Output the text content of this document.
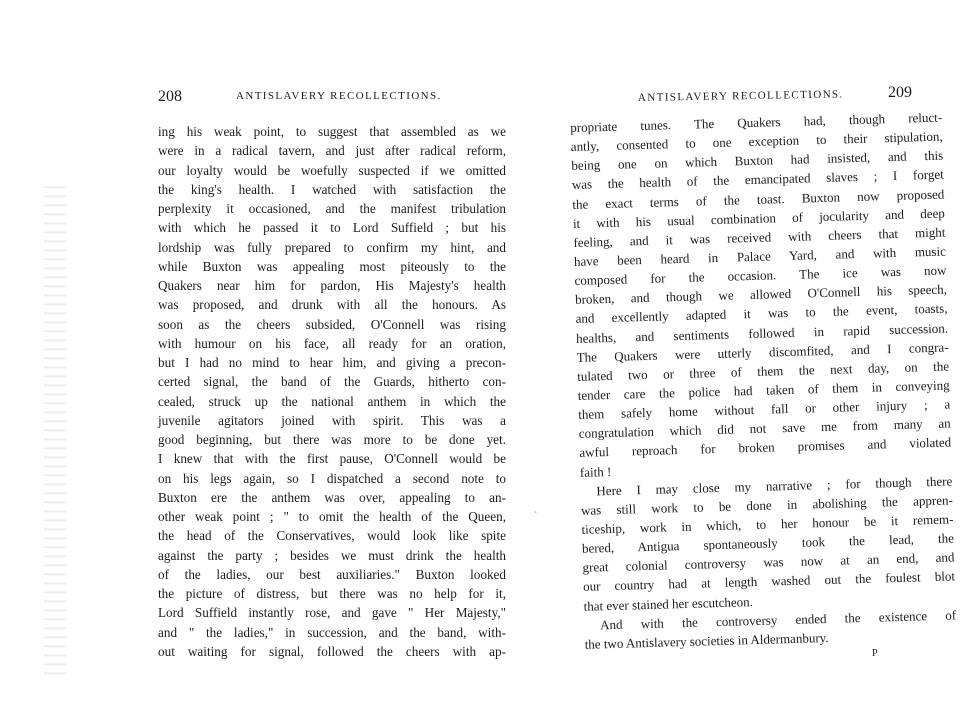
208	ANTISLAVERY RECOLLECTIONS.
ing his weak point, to suggest that assembled as we
were in a radical tavern, and just after radical reform,
our loyalty would be woefully suspected if we omitted
the king's health. I watched with satisfaction the
perplexity it occasioned, and the manifest tribulation
with which he passed it to Lord Suffield ; but his
lordship was fully prepared to confirm my hint, and
while Buxton was appealing most piteously to the
Quakers near him for pardon, His Majesty's health
was proposed, and drunk with all the honours. As
soon as the cheers subsided, O'Connell was rising
with humour on his face, all ready for an oration,
but I had no mind to hear him, and giving a precon-
certed signal, the band of the Guards, hitherto con-
cealed, struck up the national anthem in which the
juvenile agitators joined with spirit. This was a
good beginning, but there was more to be done yet.
I knew that with the first pause, O'Connell would be
on his legs again, so I dispatched a second note to
Buxton ere the anthem was over, appealing to an-
other weak point ; " to omit the health of the Queen,
the head of the Conservatives, would look like spite
against the party ; besides we must drink the health
of the ladies, our best auxiliaries." Buxton looked
the picture of distress, but there was no help for it,
Lord Suffield instantly rose, and gave " Her Majesty,"
and " the ladies," in succession, and the band, with-
out waiting for signal, followed the cheers with ap-
`
ANTISLAVERY RECOLLECTIONS.	209
propriate tunes. The Quakers had, though reluct-
antly, consented to one exception to their stipulation,
being one on which Buxton had insisted, and this
was the health of the emancipated slaves ; I forget
the exact terms of the toast. Buxton now proposed
it with his usual combination of jocularity and deep
feeling, and it was received with cheers that might
have been heard in Palace Yard, and with music
composed for the occasion. The ice was now
broken, and though we allowed O'Connell his speech,
and excellently adapted it was to the event, toasts,
healths, and sentiments followed in rapid succession.
The Quakers were utterly discomfited, and I congra-
tulated two or three of them the next day, on the
tender care the police had taken of them in conveying
them safely home without fall or other injury ; a
congratulation which did not save me from many an
awful reproach for broken promises and violated
faith !
Here I may close my narrative ; for though there
was still work to be done in abolishing the appren-
ticeship, work in which, to her honour be it remem-
bered, Antigua spontaneously took the lead, the
great colonial controversy was now at an end, and
our country had at length washed out the foulest blot
that ever stained her escutcheon.
And with the controversy ended the existence of
the two Antislavery societies in Aldermanbury.
P
